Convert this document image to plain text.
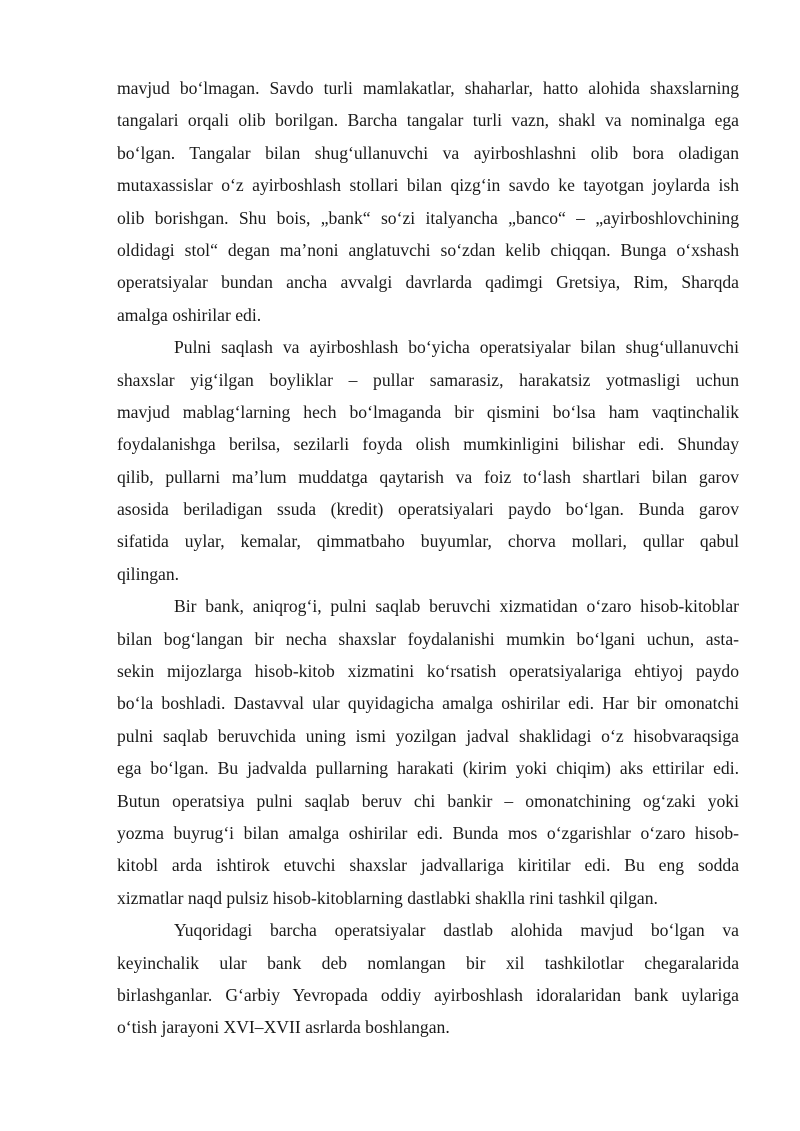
mavjud boʻlmagan. Savdo turli mamlakatlar, shaharlar, hatto alohida shaxslarning
tangalari orqali olib borilgan. Barcha tangalar turli vazn, shakl va nominalga ega
boʻlgan. Tangalar bilan shugʻullanuvchi va ayirboshlashni olib bora oladigan
mutaxassislar oʻz ayirboshlash stollari bilan qizgʻin savdo ke tayotgan joylarda ish
olib borishgan. Shu bois, „bank“ soʻzi italyancha „banco“ – „ayirboshlovchining
oldidagi stol“ degan maʼnoni anglatuvchi soʻzdan kelib chiqqan. Bunga oʻxshash
operatsiyalar bundan ancha avvalgi davrlarda qadimgi Gretsiya, Rim, Sharqda
amalga oshirilar edi.
Pulni saqlash va ayirboshlash boʻyicha operatsiyalar bilan shugʻullanuvchi
shaxslar yigʻilgan boyliklar – pullar samarasiz, harakatsiz yotmasligi uchun
mavjud mablagʻlarning hech boʻlmaganda bir qismini boʻlsa ham vaqtinchalik
foydalanishga berilsa, sezilarli foyda olish mumkinligini bilishar edi. Shunday
qilib, pullarni maʼlum muddatga qaytarish va foiz toʻlash shartlari bilan garov
asosida beriladigan ssuda (kredit) operatsiyalari paydo boʻlgan. Bunda garov
sifatida uylar, kemalar, qimmatbaho buyumlar, chorva mollari, qullar qabul
qilingan.
Bir bank, aniqrogʻi, pulni saqlab beruvchi xizmatidan oʻzaro hisob-kitoblar
bilan bogʻlangan bir necha shaxslar foydalanishi mumkin boʻlgani uchun, asta-
sekin mijozlarga hisob-kitob xizmatini koʻrsatish operatsiyalariga ehtiyoj paydo
boʻla boshladi. Dastavval ular quyidagicha amalga oshirilar edi. Har bir omonatchi
pulni saqlab beruvchida uning ismi yozilgan jadval shaklidagi oʻz hisobvaraqsiga
ega boʻlgan. Bu jadvalda pullarning harakati (kirim yoki chiqim) aks ettirilar edi.
Butun operatsiya pulni saqlab beruv chi bankir – omonatchining ogʻzaki yoki
yozma buyrugʻi bilan amalga oshirilar edi. Bunda mos oʻzgarishlar oʻzaro hisob-
kitobl arda ishtirok etuvchi shaxslar jadvallariga kiritilar edi. Bu eng sodda
xizmatlar naqd pulsiz hisob-kitoblarning dastlabki shaklla rini tashkil qilgan.
Yuqoridagi barcha operatsiyalar dastlab alohida mavjud boʻlgan va
keyinchalik ular bank deb nomlangan bir xil tashkilotlar chegaralarida
birlashganlar. Gʻarbiy Yevropada oddiy ayirboshlash idoralaridan bank uylariga
oʻtish jarayoni XVI–XVII asrlarda boshlangan.
